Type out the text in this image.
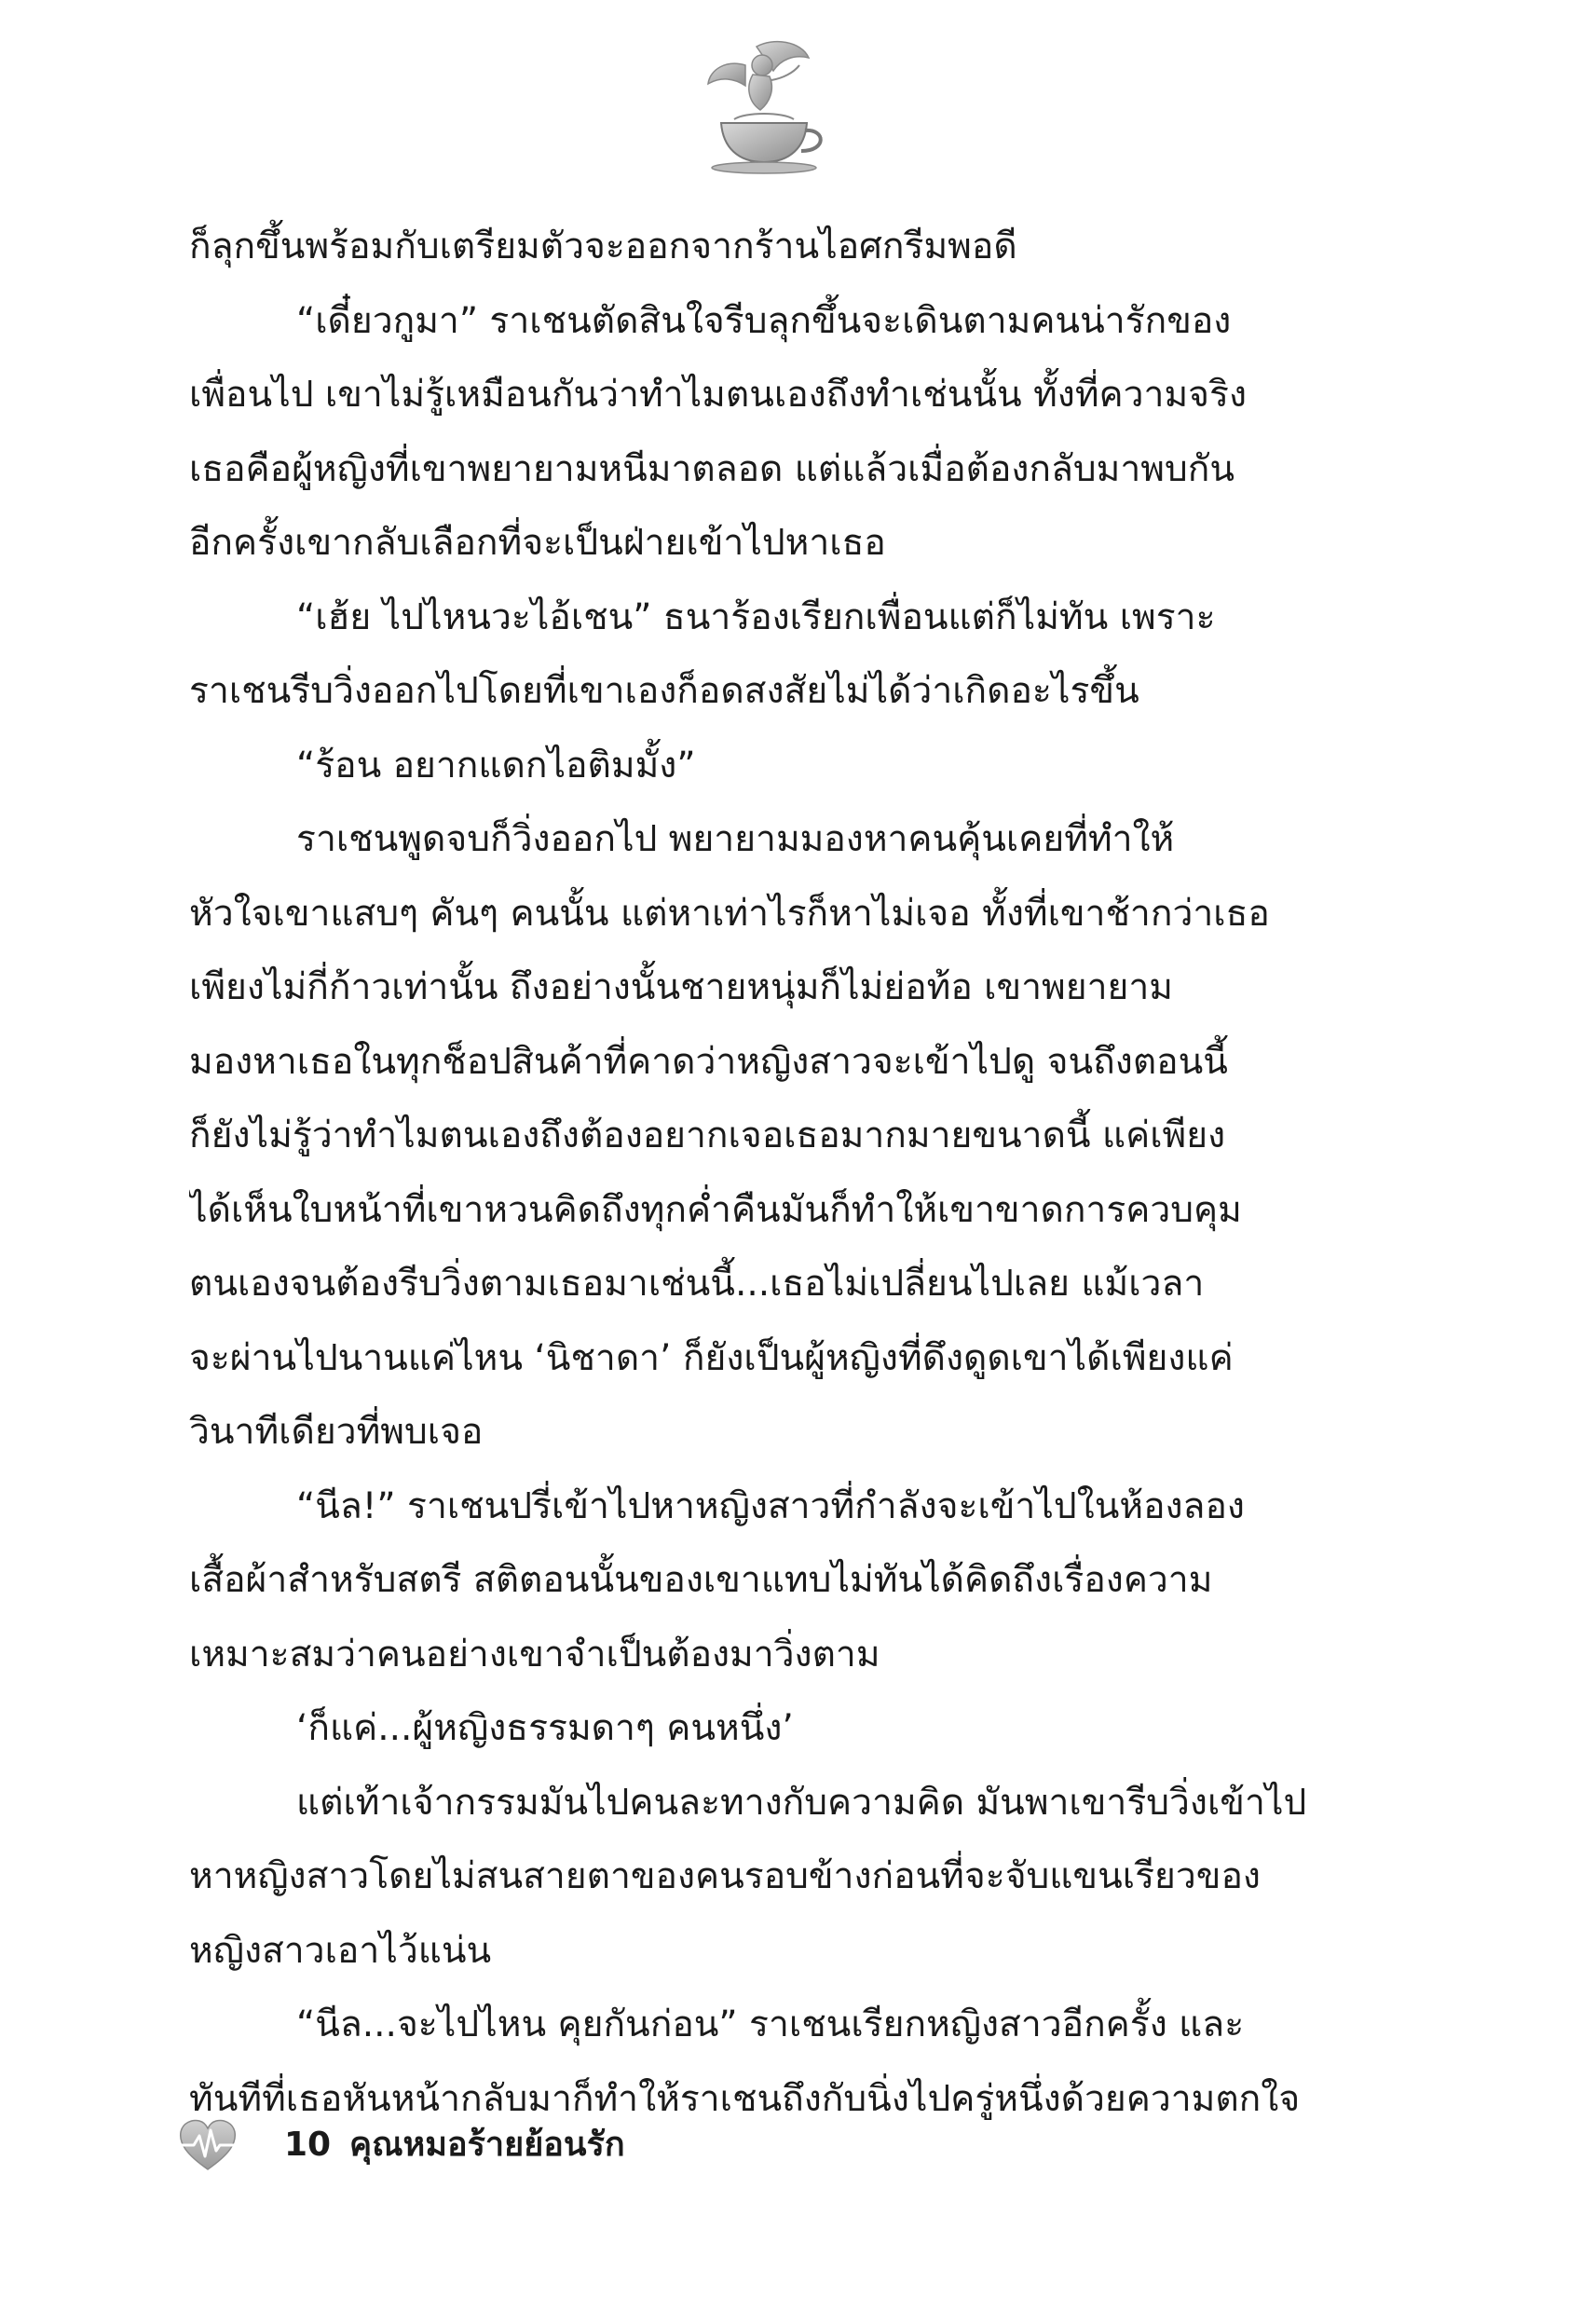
ก็ลุกขึ้นพร้อมกับเตรียมตัวจะออกจากร้านไอศกรีมพอดี
“เดี๋ยวกูมา” ราเชนตัดสินใจรีบลุกขึ้นจะเดินตามคนน่ารักของ
เพื่อนไป เขาไม่รู้เหมือนกันว่าทำไมตนเองถึงทำเช่นนั้น ทั้งที่ความจริง
เธอคือผู้หญิงที่เขาพยายามหนีมาตลอด แต่แล้วเมื่อต้องกลับมาพบกัน
อีกครั้งเขากลับเลือกที่จะเป็นฝ่ายเข้าไปหาเธอ
“เฮ้ย ไปไหนวะไอ้เชน” ธนาร้องเรียกเพื่อนแต่ก็ไม่ทัน เพราะ
ราเชนรีบวิ่งออกไปโดยที่เขาเองก็อดสงสัยไม่ได้ว่าเกิดอะไรขึ้น
“ร้อน อยากแดกไอติมมั้ง”
ราเชนพูดจบก็วิ่งออกไป พยายามมองหาคนคุ้นเคยที่ทำให้
หัวใจเขาแสบๆ คันๆ คนนั้น แต่หาเท่าไรก็หาไม่เจอ ทั้งที่เขาช้ากว่าเธอ
เพียงไม่กี่ก้าวเท่านั้น ถึงอย่างนั้นชายหนุ่มก็ไม่ย่อท้อ เขาพยายาม
มองหาเธอในทุกช็อปสินค้าที่คาดว่าหญิงสาวจะเข้าไปดู จนถึงตอนนี้
ก็ยังไม่รู้ว่าทำไมตนเองถึงต้องอยากเจอเธอมากมายขนาดนี้ แค่เพียง
ได้เห็นใบหน้าที่เขาหวนคิดถึงทุกค่ำคืนมันก็ทำให้เขาขาดการควบคุม
ตนเองจนต้องรีบวิ่งตามเธอมาเช่นนี้...เธอไม่เปลี่ยนไปเลย แม้เวลา
จะผ่านไปนานแค่ไหน ‘นิชาดา’ ก็ยังเป็นผู้หญิงที่ดึงดูดเขาได้เพียงแค่
วินาทีเดียวที่พบเจอ
“นีล!” ราเชนปรี่เข้าไปหาหญิงสาวที่กำลังจะเข้าไปในห้องลอง
เสื้อผ้าสำหรับสตรี สติตอนนั้นของเขาแทบไม่ทันได้คิดถึงเรื่องความ
เหมาะสมว่าคนอย่างเขาจำเป็นต้องมาวิ่งตาม
‘ก็แค่...ผู้หญิงธรรมดาๆ คนหนึ่ง’
แต่เท้าเจ้ากรรมมันไปคนละทางกับความคิด มันพาเขารีบวิ่งเข้าไป
หาหญิงสาวโดยไม่สนสายตาของคนรอบข้างก่อนที่จะจับแขนเรียวของ
หญิงสาวเอาไว้แน่น
“นีล...จะไปไหน คุยกันก่อน” ราเชนเรียกหญิงสาวอีกครั้ง และ
ทันทีที่เธอหันหน้ากลับมาก็ทำให้ราเชนถึงกับนิ่งไปครู่หนึ่งด้วยความตกใจ
10 คุณหมอร้ายย้อนรัก
